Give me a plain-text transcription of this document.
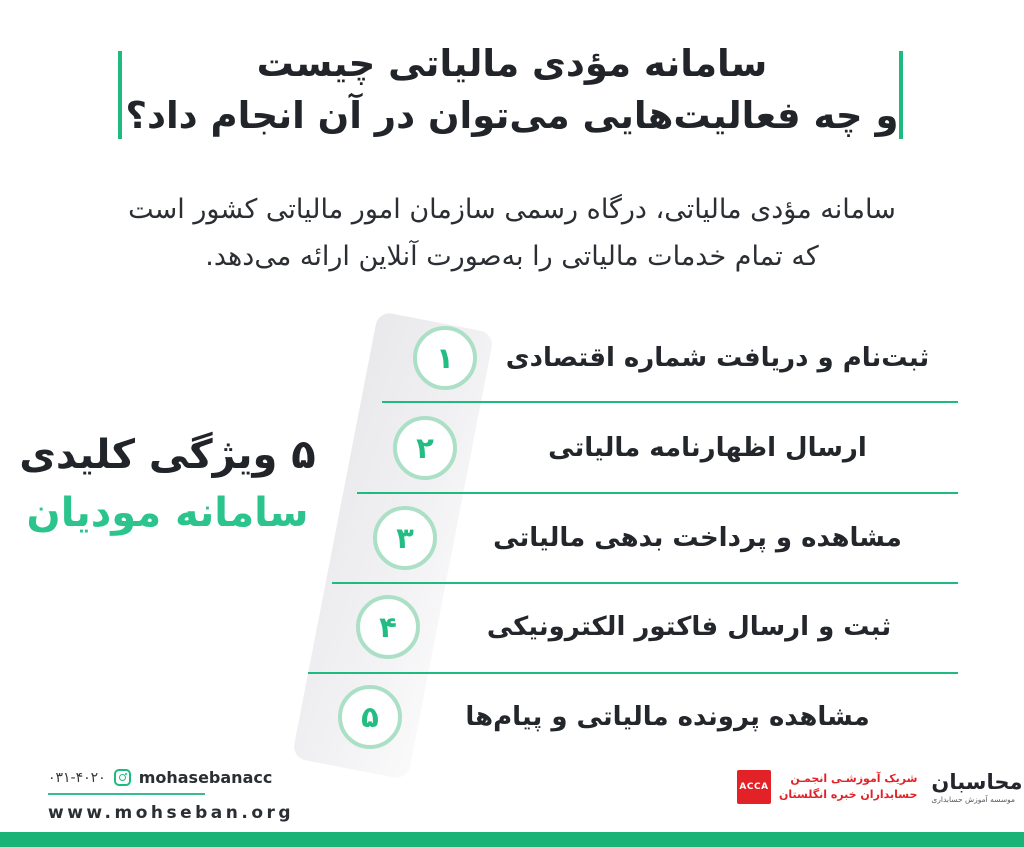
سامانه مؤدی مالیاتی چیست
و چه فعالیت‌هایی می‌توان در آن انجام داد؟
سامانه مؤدی مالیاتی، درگاه رسمی سازمان امور مالیاتی کشور است
که تمام خدمات مالیاتی را به‌صورت آنلاین ارائه می‌دهد.
۱	ثبت‌نام و دریافت شماره اقتصادی
۲	ارسال اظهارنامه مالیاتی
۳	مشاهده و پرداخت بدهی مالیاتی
۴	ثبت و ارسال فاکتور الکترونیکی
۵	مشاهده پرونده مالیاتی و پیام‌ها
۵ ویژگی کلیدی
سامانه مودیان
۰۳۱-۴۰۲۰ mohasebanacc
www.mohseban.org
ACCA
شریک آموزشـی انجمـن
حسابداران خبره انگلستان
محاسبان
موسسه آموزش حسابداری
